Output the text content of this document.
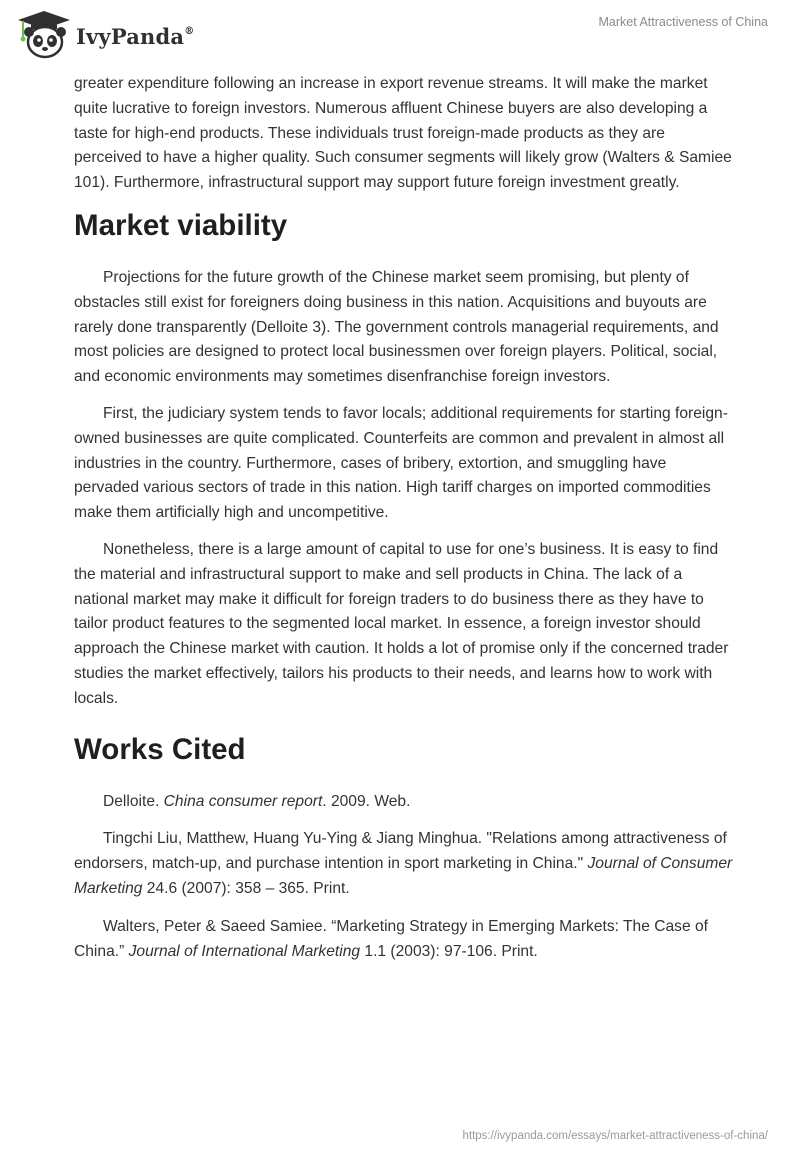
IvyPanda®
Market Attractiveness of China

greater expenditure following an increase in export revenue streams. It will make the market quite lucrative to foreign investors. Numerous affluent Chinese buyers are also developing a taste for high-end products. These individuals trust foreign-made products as they are perceived to have a higher quality. Such consumer segments will likely grow (Walters & Samiee 101). Furthermore, infrastructural support may support future foreign investment greatly.

Market viability

Projections for the future growth of the Chinese market seem promising, but plenty of obstacles still exist for foreigners doing business in this nation. Acquisitions and buyouts are rarely done transparently (Delloite 3). The government controls managerial requirements, and most policies are designed to protect local businessmen over foreign players. Political, social, and economic environments may sometimes disenfranchise foreign investors.

First, the judiciary system tends to favor locals; additional requirements for starting foreign-owned businesses are quite complicated. Counterfeits are common and prevalent in almost all industries in the country. Furthermore, cases of bribery, extortion, and smuggling have pervaded various sectors of trade in this nation. High tariff charges on imported commodities make them artificially high and uncompetitive.

Nonetheless, there is a large amount of capital to use for one’s business. It is easy to find the material and infrastructural support to make and sell products in China. The lack of a national market may make it difficult for foreign traders to do business there as they have to tailor product features to the segmented local market. In essence, a foreign investor should approach the Chinese market with caution. It holds a lot of promise only if the concerned trader studies the market effectively, tailors his products to their needs, and learns how to work with locals.

Works Cited

Delloite. China consumer report. 2009. Web.

Tingchi Liu, Matthew, Huang Yu-Ying & Jiang Minghua. "Relations among attractiveness of endorsers, match-up, and purchase intention in sport marketing in China." Journal of Consumer Marketing 24.6 (2007): 358 – 365. Print.

Walters, Peter & Saeed Samiee. “Marketing Strategy in Emerging Markets: The Case of China.” Journal of International Marketing 1.1 (2003): 97-106. Print.

https://ivypanda.com/essays/market-attractiveness-of-china/
